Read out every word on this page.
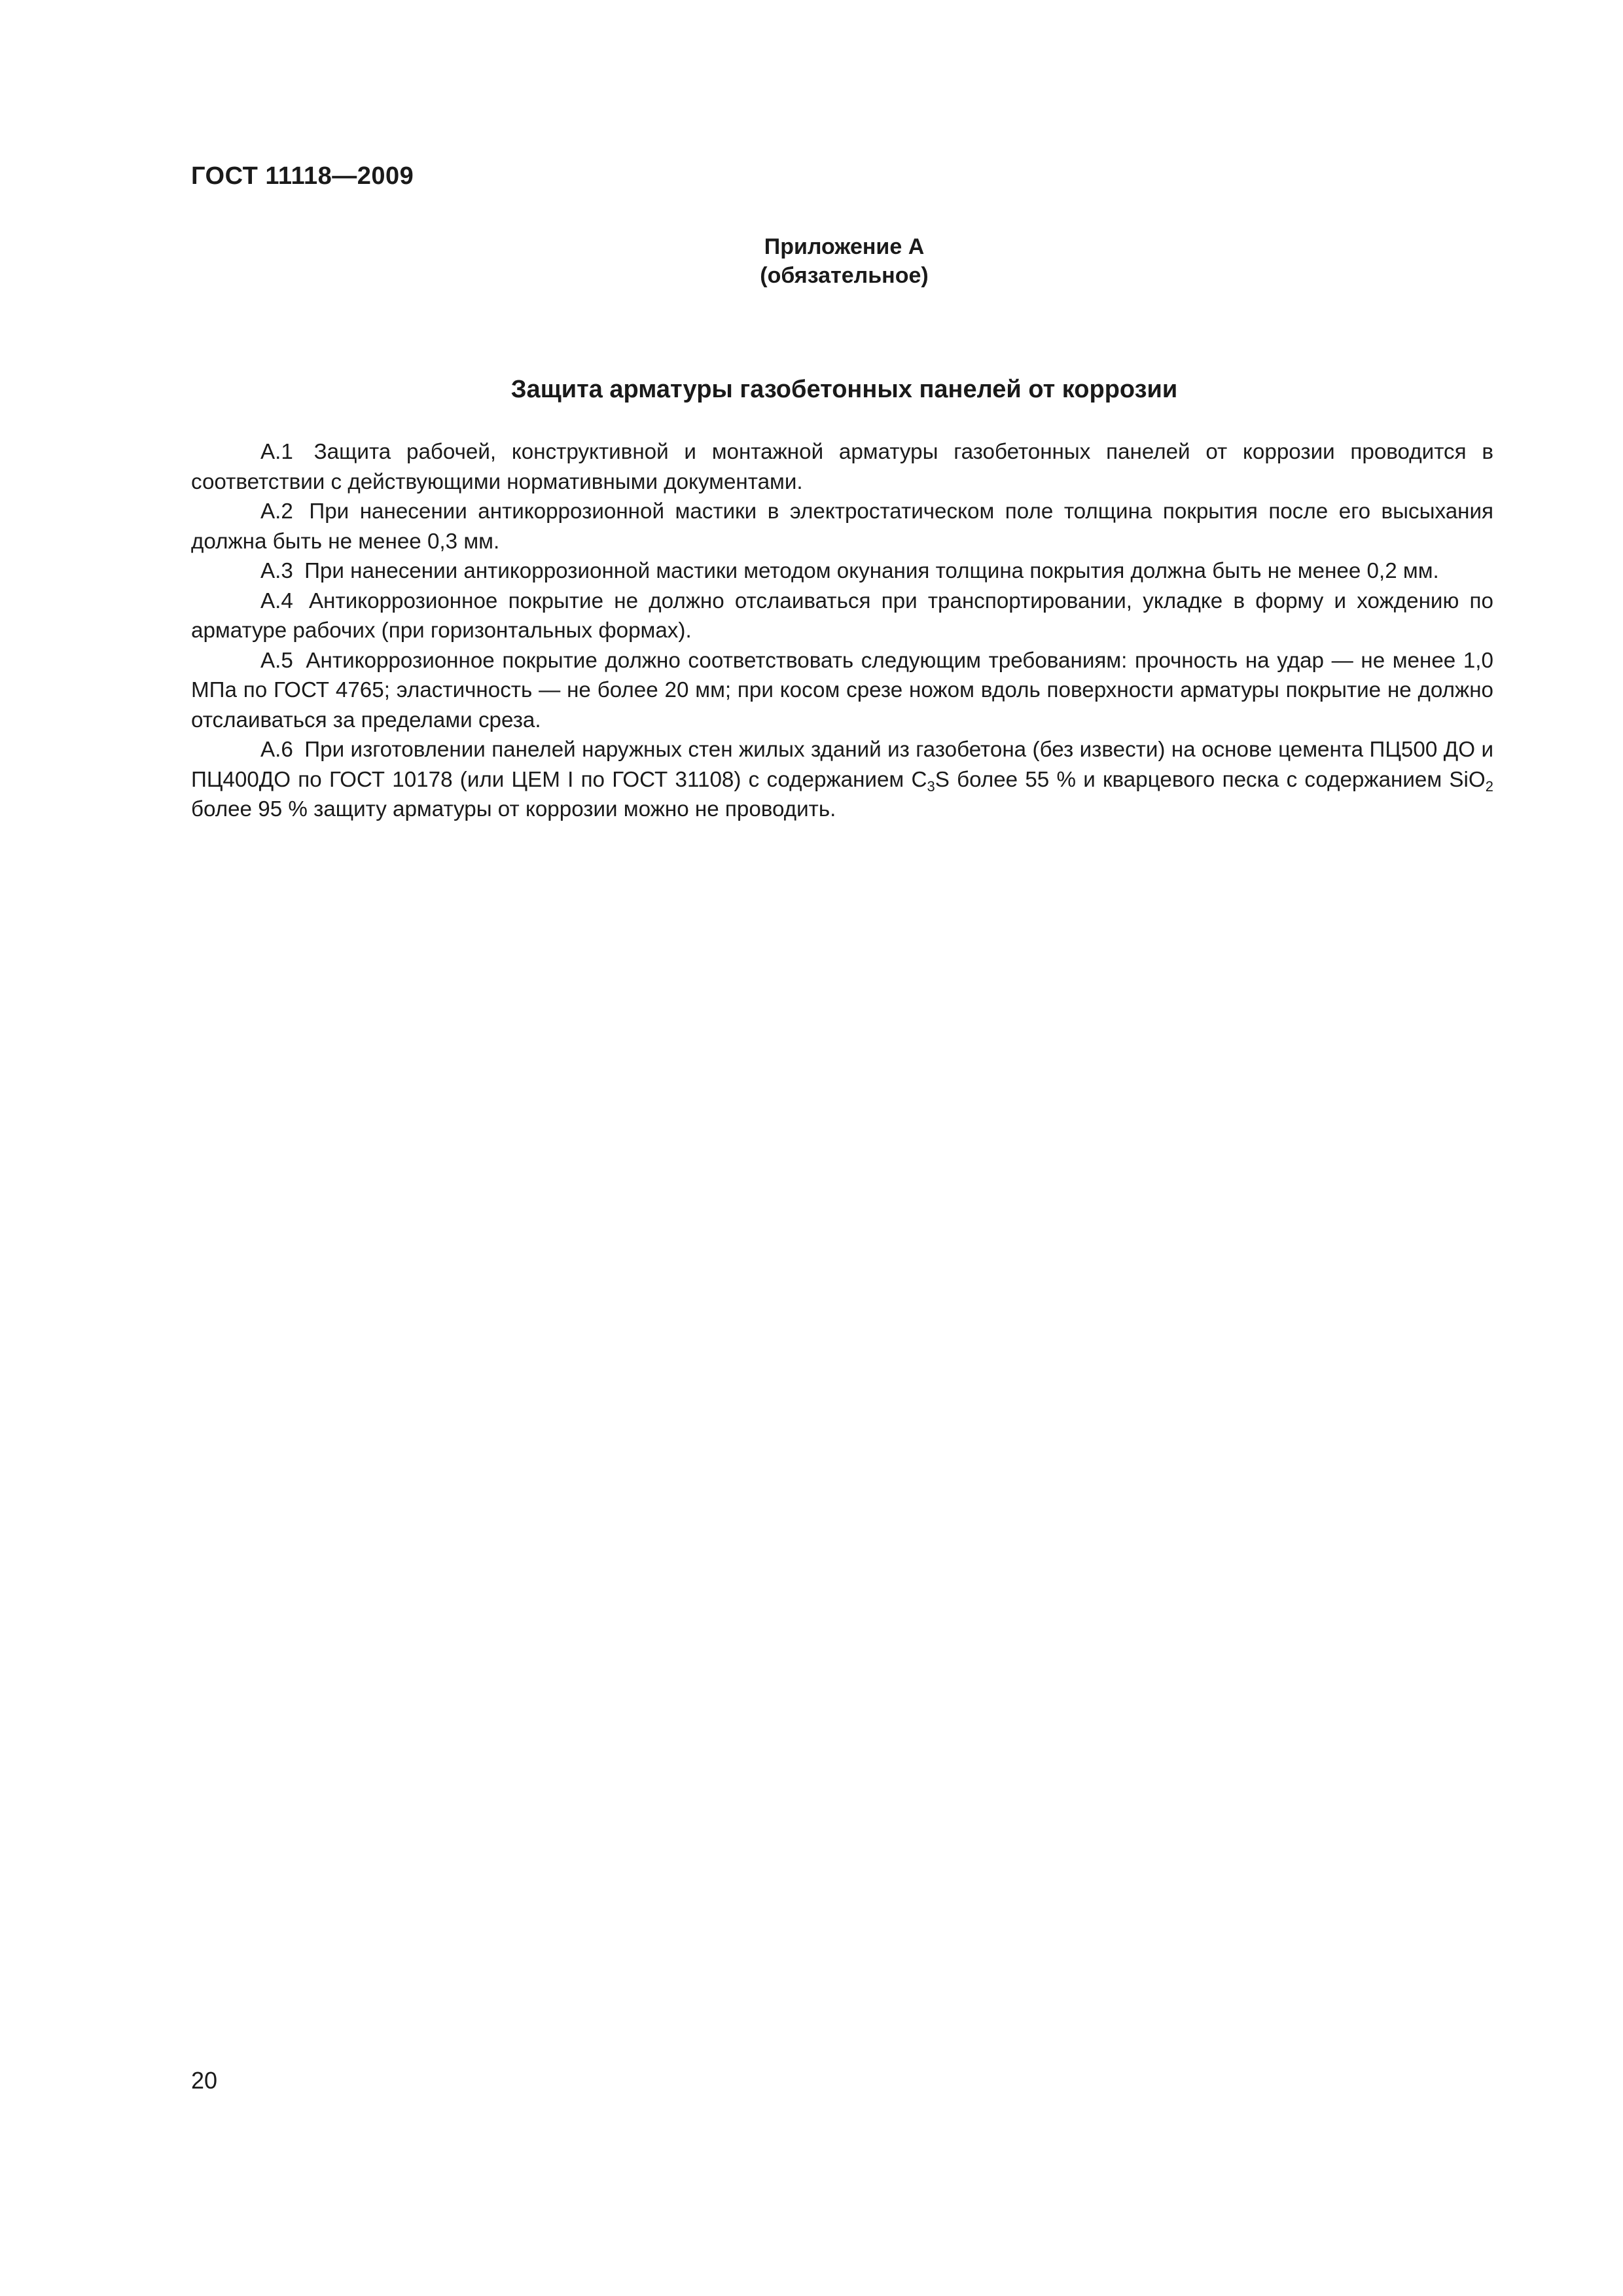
ГОСТ 11118—2009
Приложение А
(обязательное)
Защита арматуры газобетонных панелей от коррозии

А.1 Защита рабочей, конструктивной и монтажной арматуры газобетонных панелей от коррозии проводится в соответствии с действующими нормативными документами.

А.2 При нанесении антикоррозионной мастики в электростатическом поле толщина покрытия после его высыхания должна быть не менее 0,3 мм.

А.3 При нанесении антикоррозионной мастики методом окунания толщина покрытия должна быть не менее 0,2 мм.

А.4 Антикоррозионное покрытие не должно отслаиваться при транспортировании, укладке в форму и хождению по арматуре рабочих (при горизонтальных формах).

А.5 Антикоррозионное покрытие должно соответствовать следующим требованиям: прочность на удар — не менее 1,0 МПа по ГОСТ 4765; эластичность — не более 20 мм; при косом срезе ножом вдоль поверхности арматуры покрытие не должно отслаиваться за пределами среза.

А.6 При изготовлении панелей наружных стен жилых зданий из газобетона (без извести) на основе цемента ПЦ500 ДО и ПЦ400ДО по ГОСТ 10178 (или ЦЕМ I по ГОСТ 31108) с содержанием $С_3S$ более 55 % и кварцевого песка с содержанием SiO$_2$ более 95 % защиту арматуры от коррозии можно не проводить.

20
